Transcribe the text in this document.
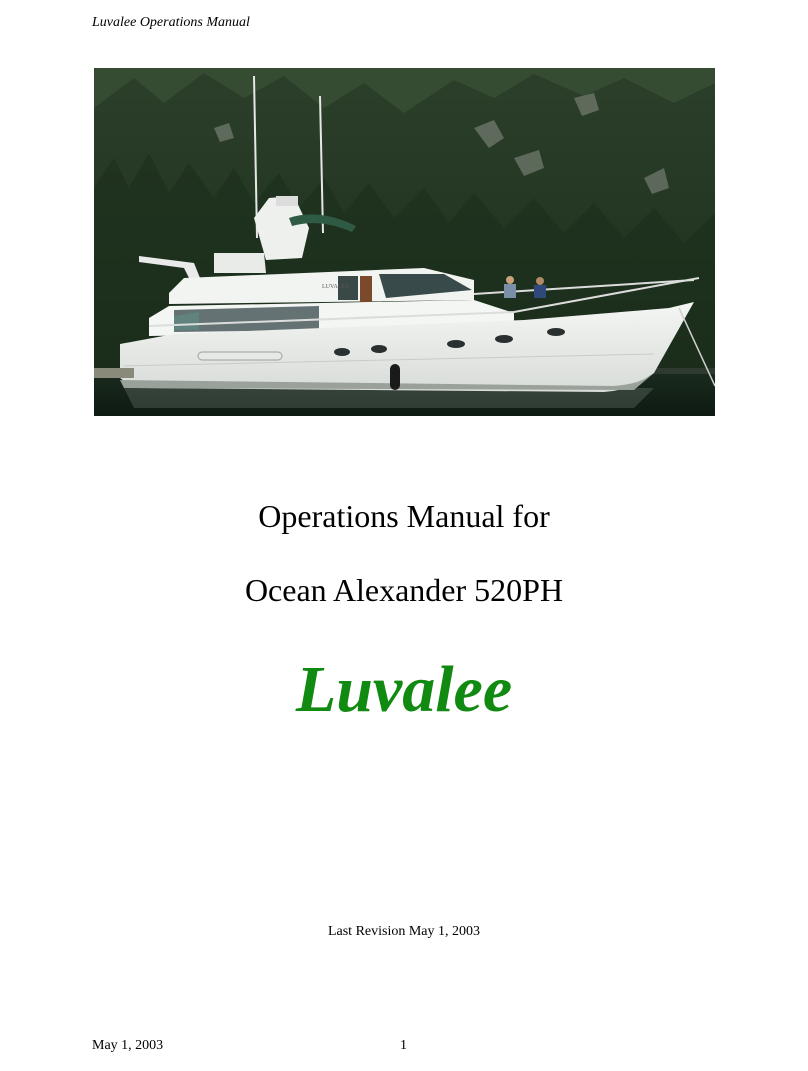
Luvalee Operations Manual
LUVALEE
Operations Manual for
Ocean Alexander 520PH
Luvalee
Last Revision May 1, 2003
May 1, 2003	1
